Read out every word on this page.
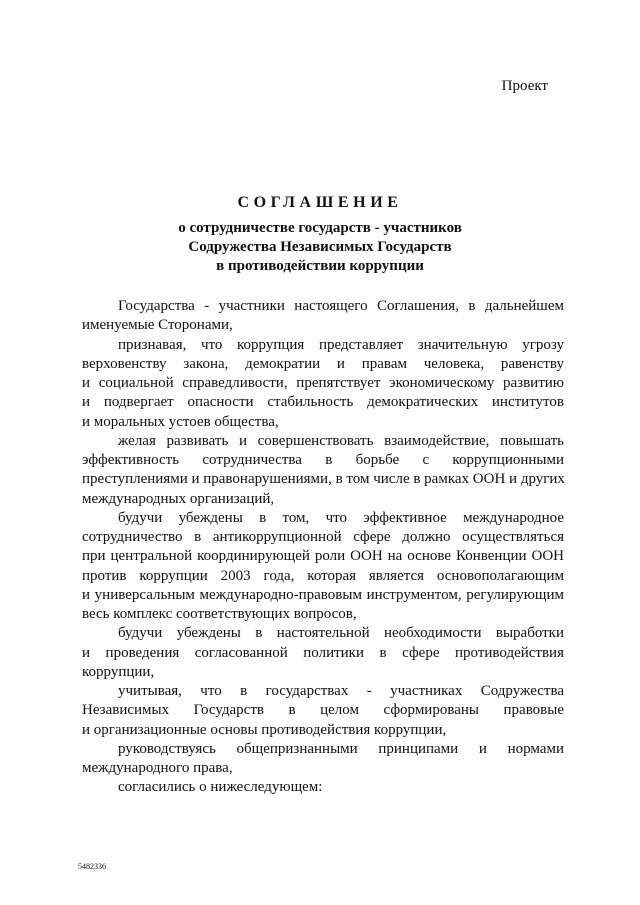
Проект
СОГЛАШЕНИЕ
о сотрудничестве государств - участников
Содружества Независимых Государств
в противодействии коррупции
Государства - участники настоящего Соглашения, в дальнейшем
именуемые Сторонами,
признавая, что коррупция представляет значительную угрозу
верховенству закона, демократии и правам человека, равенству
и социальной справедливости, препятствует экономическому развитию
и подвергает опасности стабильность демократических институтов
и моральных устоев общества,
желая развивать и совершенствовать взаимодействие, повышать
эффективность сотрудничества в борьбе с коррупционными
преступлениями и правонарушениями, в том числе в рамках ООН и других
международных организаций,
будучи убеждены в том, что эффективное международное
сотрудничество в антикоррупционной сфере должно осуществляться
при центральной координирующей роли ООН на основе Конвенции ООН
против коррупции 2003 года, которая является основополагающим
и универсальным международно-правовым инструментом, регулирующим
весь комплекс соответствующих вопросов,
будучи убеждены в настоятельной необходимости выработки
и проведения согласованной политики в сфере противодействия
коррупции,
учитывая, что в государствах - участниках Содружества
Независимых Государств в целом сформированы правовые
и организационные основы противодействия коррупции,
руководствуясь общепризнанными принципами и нормами
международного права,
согласились о нижеследующем:
5482336
